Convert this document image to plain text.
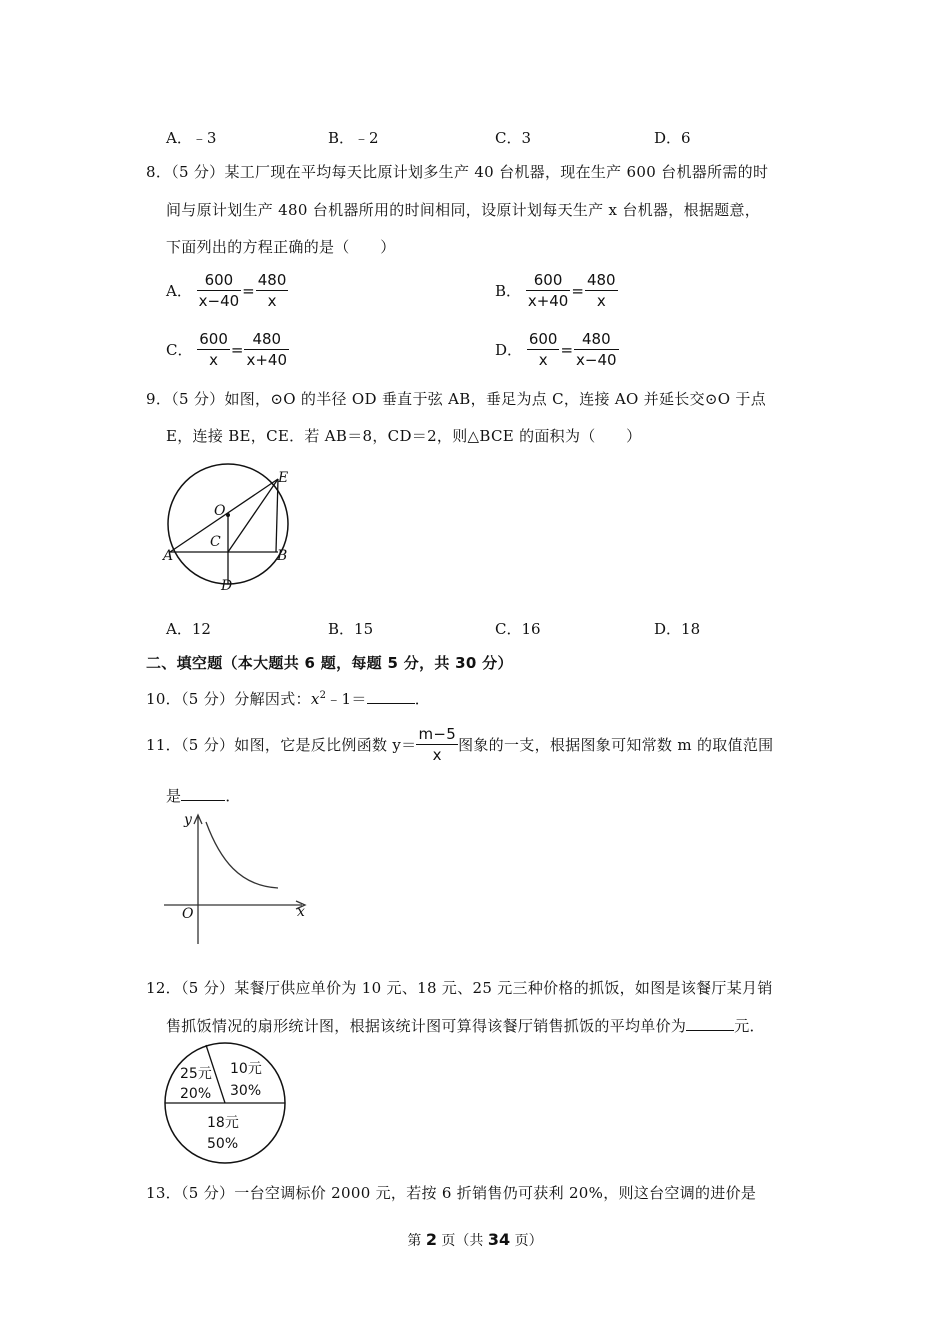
A．﹣3	B．﹣2	C．3	D．6
8．（5 分）某工厂现在平均每天比原计划多生产 40 台机器，现在生产 600 台机器所需的时
间与原计划生产 480 台机器所用的时间相同，设原计划每天生产 x 台机器，根据题意，
下面列出的方程正确的是（　　）
A． $\frac{600}{x-40} = \frac{480}{x}$	B． $\frac{600}{x+40} = \frac{480}{x}$
C． $\frac{600}{x} = \frac{480}{x+40}$	D． $\frac{600}{x} = \frac{480}{x-40}$
9．（5 分）如图，⊙O 的半径 OD 垂直于弦 AB，垂足为点 C，连接 AO 并延长交⊙O 于点
E，连接 BE，CE．若 AB＝8，CD＝2，则△BCE 的面积为（　　）
O
C
A	B
D
E
A．12	B．15	C．16	D．18
二、填空题（本大题共 6 题，每题 5 分，共 30 分）
10．（5 分）分解因式：$x^2﹣1=$	．
11．（5 分）如图，它是反比例函数 $y= \frac{m-5}{x}$ 图象的一支，根据图象可知常数 m 的取值范围
是	．
y
x
O
12．（5 分）某餐厅供应单价为 10 元、18 元、25 元三种价格的抓饭，如图是该餐厅某月销
售抓饭情况的扇形统计图，根据该统计图可算得该餐厅销售抓饭的平均单价为	元．
25元
20%
10元
30%
18元
50%
13．（5 分）一台空调标价 2000 元，若按 6 折销售仍可获利 20%，则这台空调的进价是
第 2 页（共 34 页）
